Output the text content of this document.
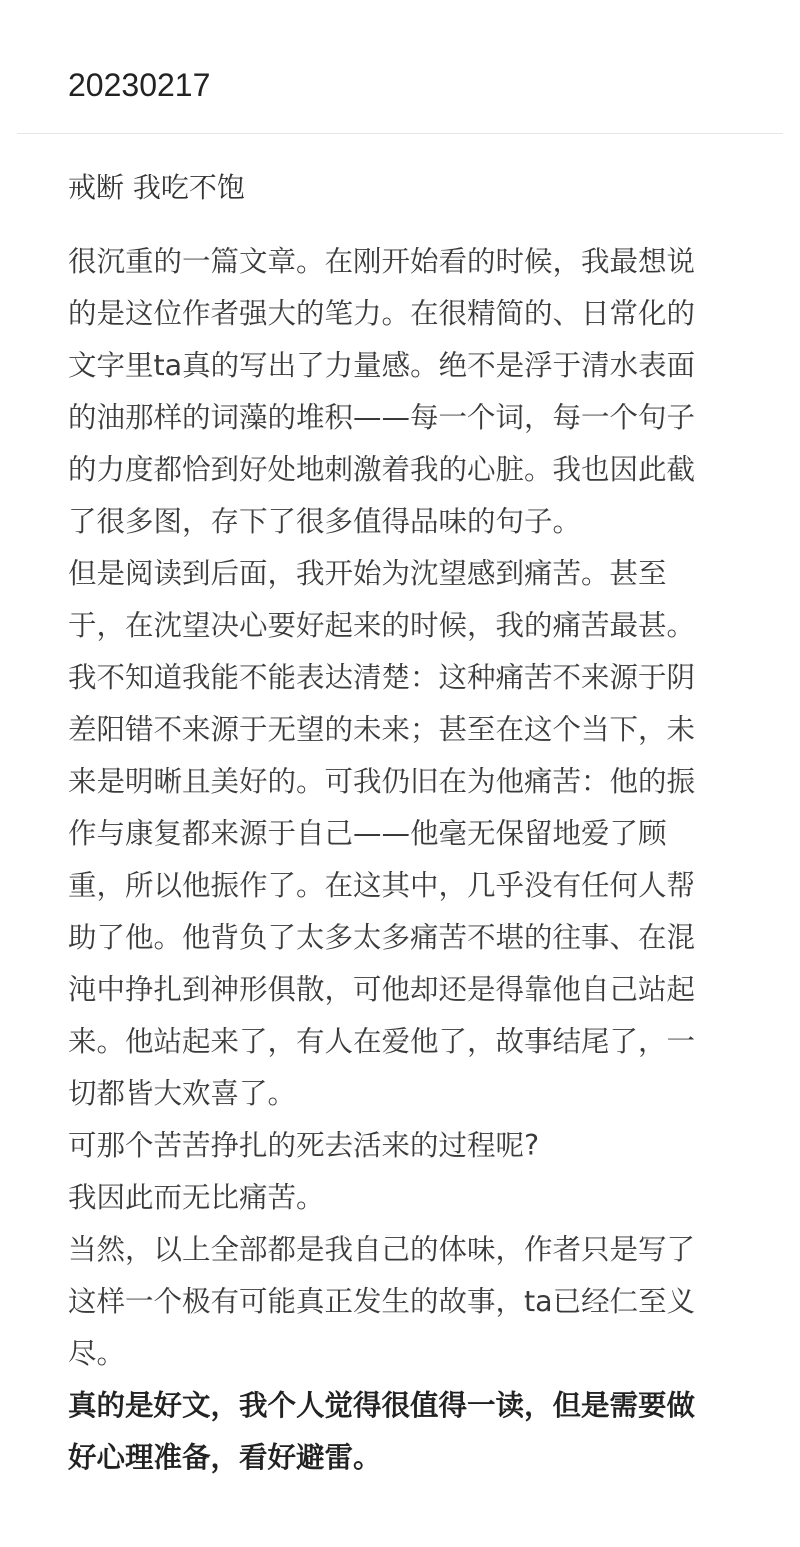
20230217
戒断 我吃不饱
很沉重的一篇文章。在刚开始看的时候，我最想说
的是这位作者强大的笔力。在很精简的、日常化的
文字里ta真的写出了力量感。绝不是浮于清水表面
的油那样的词藻的堆积——每一个词，每一个句子
的力度都恰到好处地刺激着我的心脏。我也因此截
了很多图，存下了很多值得品味的句子。
但是阅读到后面，我开始为沈望感到痛苦。甚至
于，在沈望决心要好起来的时候，我的痛苦最甚。
我不知道我能不能表达清楚：这种痛苦不来源于阴
差阳错不来源于无望的未来；甚至在这个当下，未
来是明晰且美好的。可我仍旧在为他痛苦：他的振
作与康复都来源于自己——他毫无保留地爱了顾
重，所以他振作了。在这其中，几乎没有任何人帮
助了他。他背负了太多太多痛苦不堪的往事、在混
沌中挣扎到神形俱散，可他却还是得靠他自己站起
来。他站起来了，有人在爱他了，故事结尾了，一
切都皆大欢喜了。
可那个苦苦挣扎的死去活来的过程呢?
我因此而无比痛苦。
当然，以上全部都是我自己的体味，作者只是写了
这样一个极有可能真正发生的故事，ta已经仁至义
尽。
真的是好文，我个人觉得很值得一读，但是需要做
好心理准备，看好避雷。
